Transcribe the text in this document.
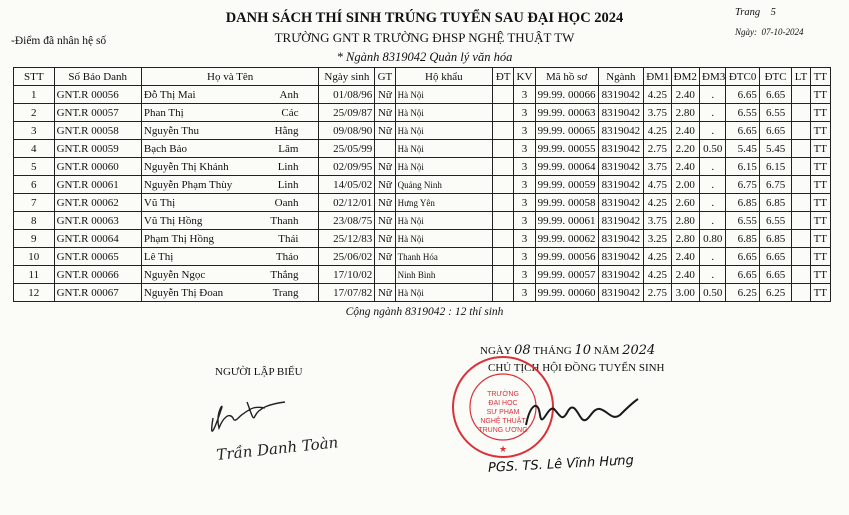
DANH SÁCH THÍ SINH TRÚNG TUYỂN SAU ĐẠI HỌC 2024	Trang 5
Ngày: 07-10-2024
-Điểm đã nhân hệ số	TRƯỜNG GNT R TRƯỜNG ĐHSP NGHỆ THUẬT TW
* Ngành 8319042 Quản lý văn hóa
STT	Số Báo Danh	Họ và Tên	Ngày sinh	GT	Hộ khẩu	ĐT	KV	Mã hồ sơ	Ngành	ĐM1	ĐM2	ĐM3	ĐTC0	ĐTC	LT	TT
1	GNT.R 00056	Đỗ Thị Mai Anh	01/08/96	Nữ	Hà Nội		3	99.99. 00066	8319042	4.25	2.40	.	6.65	6.65		TT
2	GNT.R 00057	Phan Thị Các	25/09/87	Nữ	Hà Nội		3	99.99. 00063	8319042	3.75	2.80	.	6.55	6.55		TT
3	GNT.R 00058	Nguyễn Thu Hằng	09/08/90	Nữ	Hà Nội		3	99.99. 00065	8319042	4.25	2.40	.	6.65	6.65		TT
4	GNT.R 00059	Bạch Bảo Lâm	25/05/99		Hà Nội		3	99.99. 00055	8319042	2.75	2.20	0.50	5.45	5.45		TT
5	GNT.R 00060	Nguyễn Thị Khánh Linh	02/09/95	Nữ	Hà Nội		3	99.99. 00064	8319042	3.75	2.40	.	6.15	6.15		TT
6	GNT.R 00061	Nguyễn Phạm Thùy Linh	14/05/02	Nữ	Quảng Ninh		3	99.99. 00059	8319042	4.75	2.00	.	6.75	6.75		TT
7	GNT.R 00062	Vũ Thị Oanh	02/12/01	Nữ	Hưng Yên		3	99.99. 00058	8319042	4.25	2.60	.	6.85	6.85		TT
8	GNT.R 00063	Vũ Thị Hồng Thanh	23/08/75	Nữ	Hà Nội		3	99.99. 00061	8319042	3.75	2.80	.	6.55	6.55		TT
9	GNT.R 00064	Phạm Thị Hồng Thái	25/12/83	Nữ	Hà Nội		3	99.99. 00062	8319042	3.25	2.80	0.80	6.85	6.85		TT
10	GNT.R 00065	Lê Thị Thảo	25/06/02	Nữ	Thanh Hóa		3	99.99. 00056	8319042	4.25	2.40	.	6.65	6.65		TT
11	GNT.R 00066	Nguyễn Ngọc Thắng	17/10/02		Ninh Bình		3	99.99. 00057	8319042	4.25	2.40	.	6.65	6.65		TT
12	GNT.R 00067	Nguyễn Thị Đoan Trang	17/07/82	Nữ	Hà Nội		3	99.99. 00060	8319042	2.75	3.00	0.50	6.25	6.25		TT
Cộng ngành 8319042 : 12 thí sinh
NGƯỜI LẬP BIỂU
Trần Danh Toàn
NGÀY 08 THÁNG 10 NĂM 2024
CHỦ TỊCH HỘI ĐỒNG TUYỂN SINH
TRƯỜNG
ĐẠI HỌC
SƯ PHẠM
NGHỆ THUẬT
TRUNG ƯƠNG
★
PGS. TS. Lê Vĩnh Hưng
